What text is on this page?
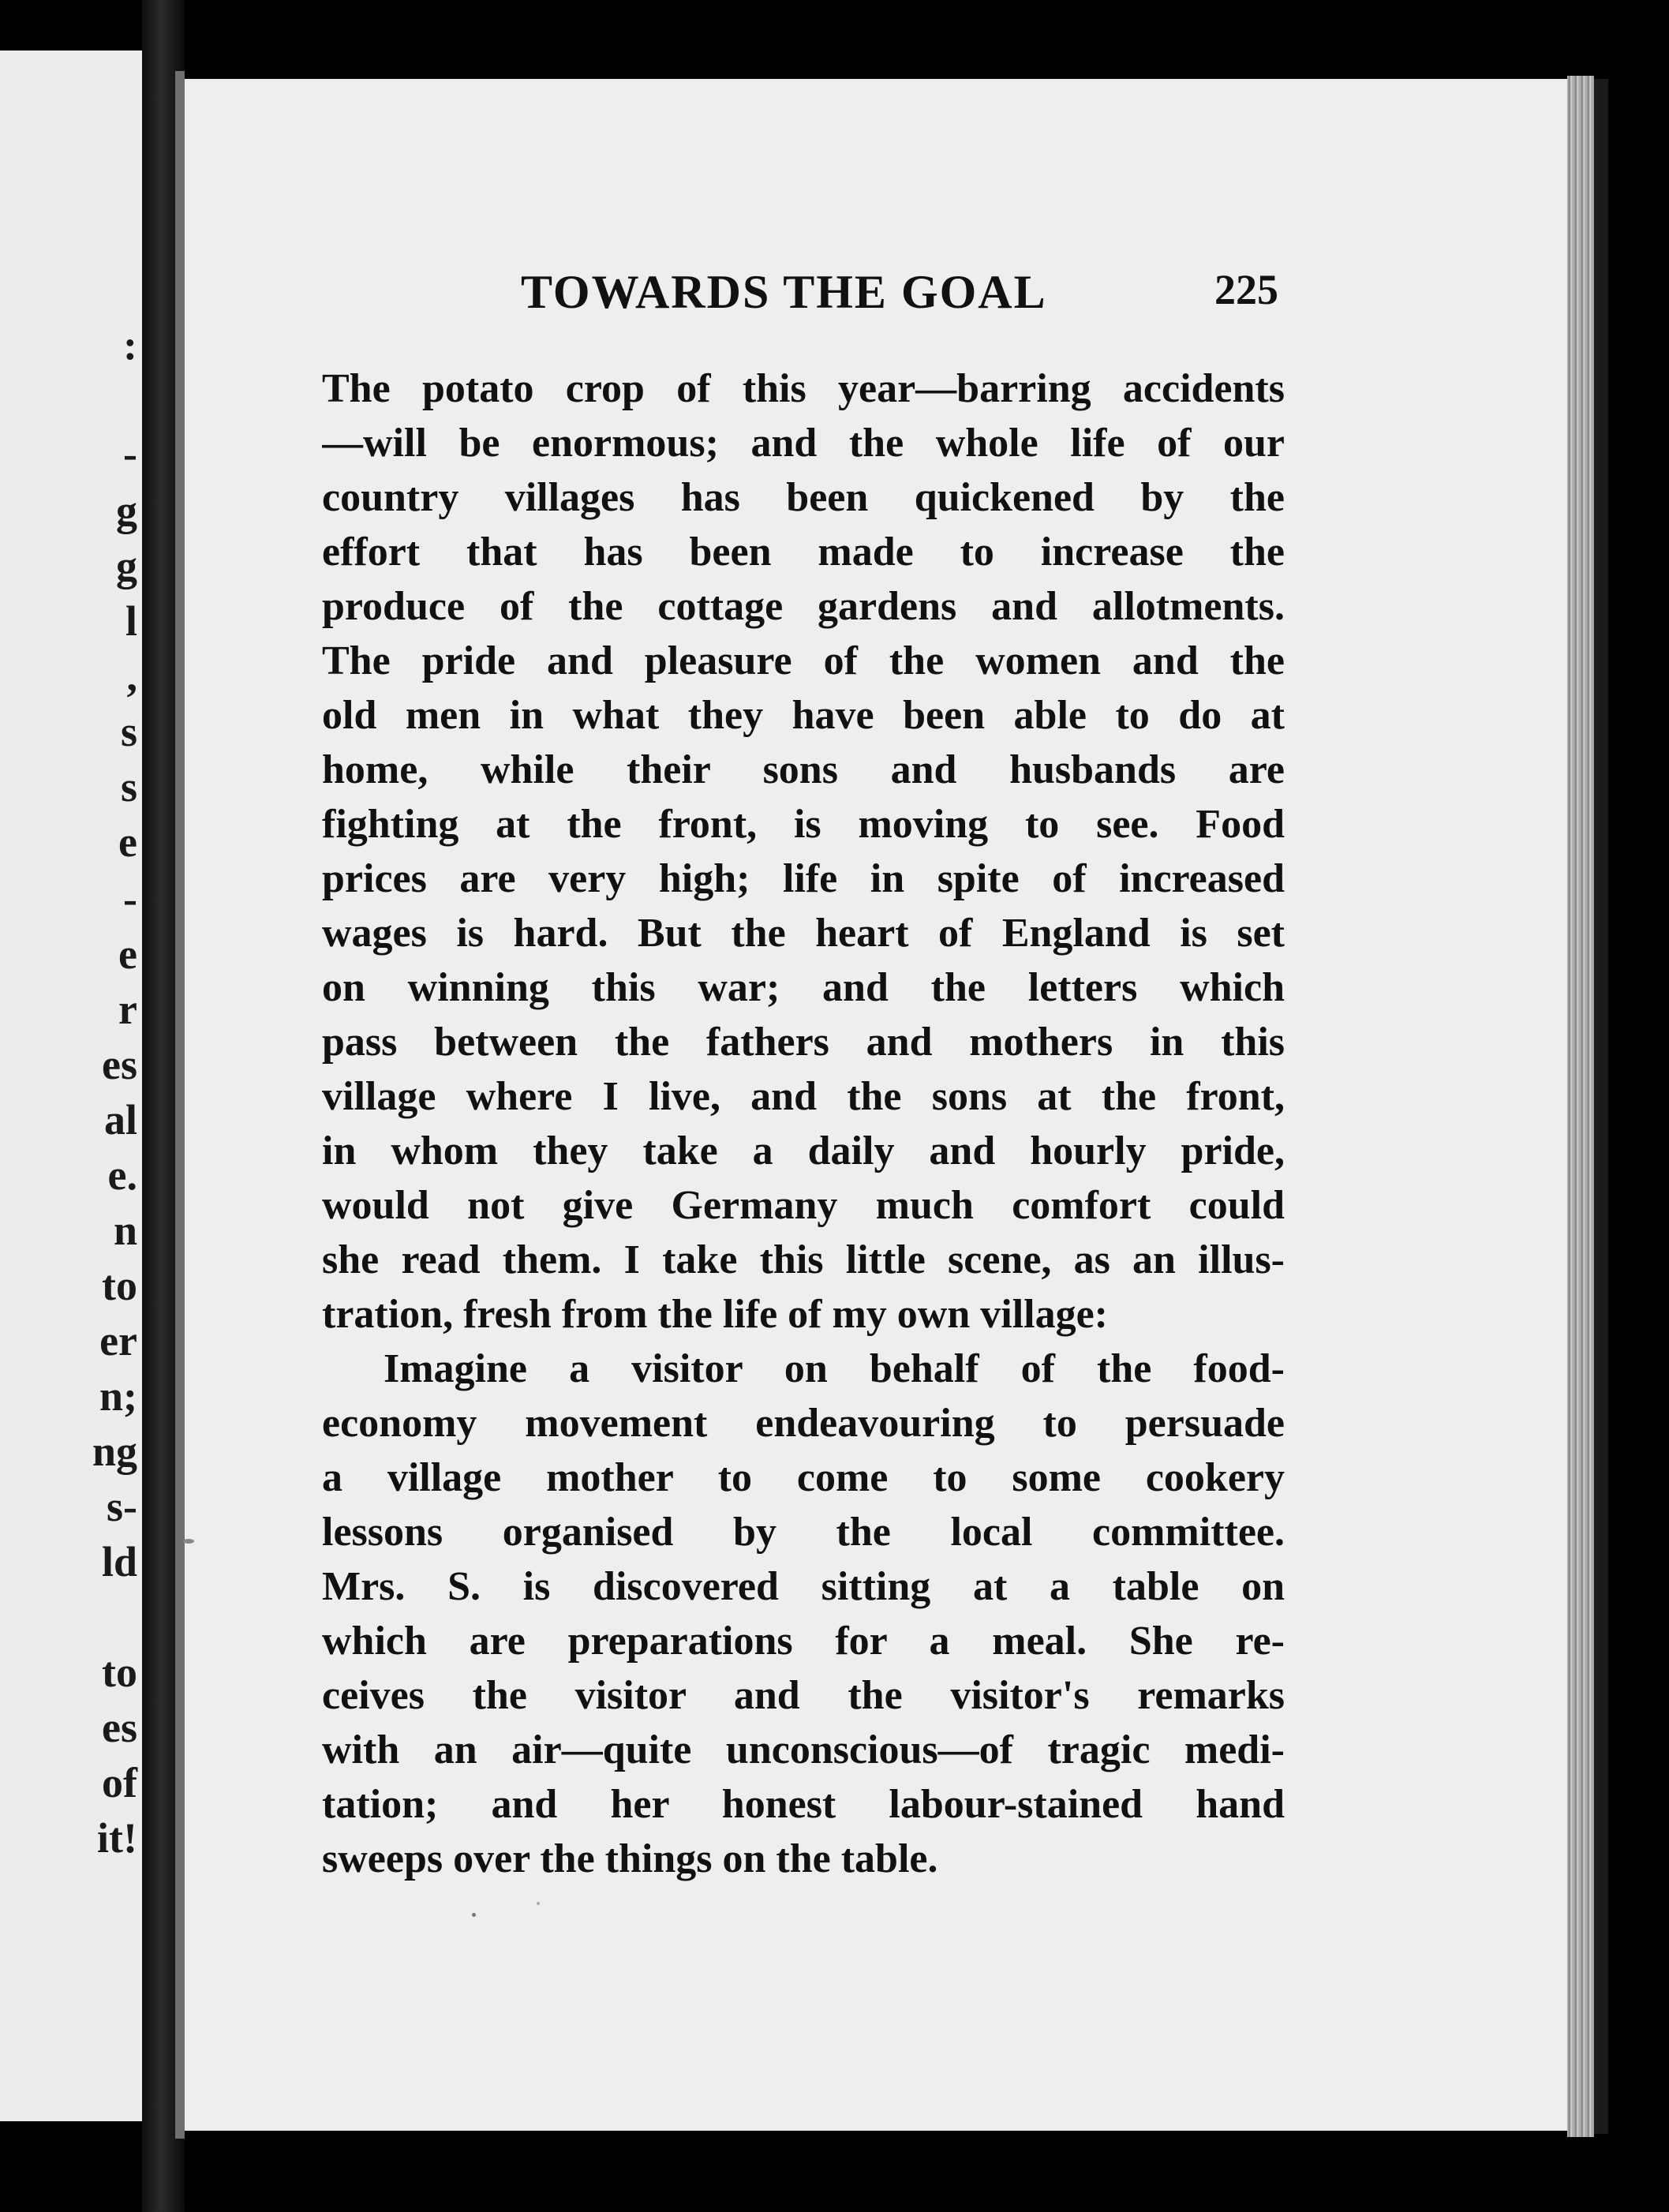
:
-
g
g
l
,
s
s
e
-
e
r
es
al
e.
n
to
er
n;
ng
s-
ld
to
es
of
it!
TOWARDS THE GOAL	225
The potato crop of this year—barring accidents
—will be enormous; and the whole life of our
country villages has been quickened by the
effort that has been made to increase the
produce of the cottage gardens and allotments.
The pride and pleasure of the women and the
old men in what they have been able to do at
home, while their sons and husbands are
fighting at the front, is moving to see. Food
prices are very high; life in spite of increased
wages is hard. But the heart of England is set
on winning this war; and the letters which
pass between the fathers and mothers in this
village where I live, and the sons at the front,
in whom they take a daily and hourly pride,
would not give Germany much comfort could
she read them. I take this little scene, as an illus-
tration, fresh from the life of my own village:
Imagine a visitor on behalf of the food-
economy movement endeavouring to persuade
a village mother to come to some cookery
lessons organised by the local committee.
Mrs. S. is discovered sitting at a table on
which are preparations for a meal. She re-
ceives the visitor and the visitor's remarks
with an air—quite unconscious—of tragic medi-
tation; and her honest labour-stained hand
sweeps over the things on the table.
